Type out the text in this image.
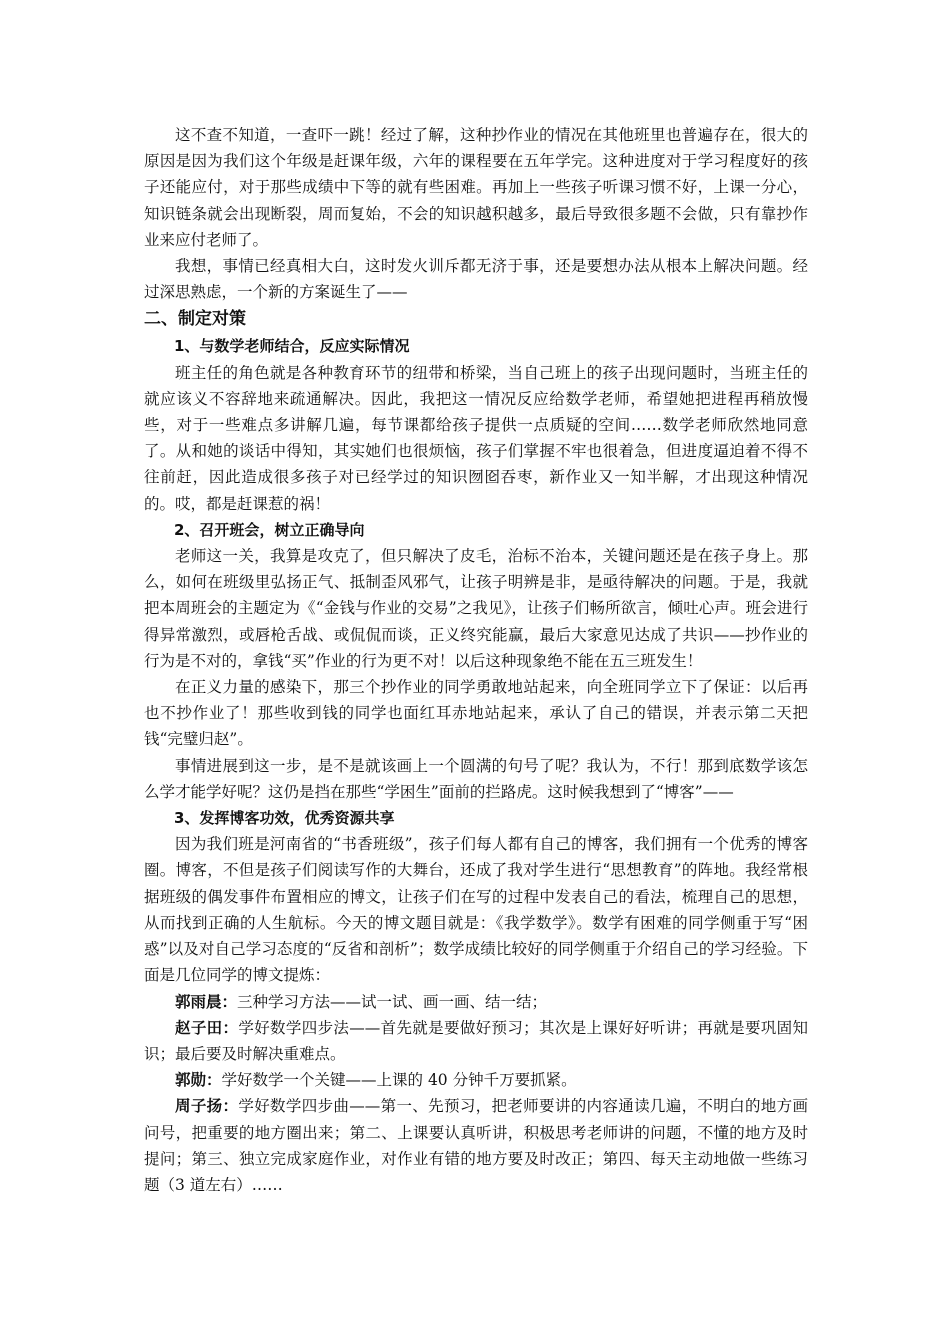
这不查不知道，一查吓一跳！经过了解，这种抄作业的情况在其他班里也普遍存在，很大的原因是因为我们这个年级是赶课年级，六年的课程要在五年学完。这种进度对于学习程度好的孩子还能应付，对于那些成绩中下等的就有些困难。再加上一些孩子听课习惯不好，上课一分心，知识链条就会出现断裂，周而复始，不会的知识越积越多，最后导致很多题不会做，只有靠抄作业来应付老师了。

我想，事情已经真相大白，这时发火训斥都无济于事，还是要想办法从根本上解决问题。经过深思熟虑，一个新的方案诞生了——

二、制定对策

1、与数学老师结合，反应实际情况

班主任的角色就是各种教育环节的纽带和桥梁，当自己班上的孩子出现问题时，当班主任的就应该义不容辞地来疏通解决。因此，我把这一情况反应给数学老师，希望她把进程再稍放慢些，对于一些难点多讲解几遍，每节课都给孩子提供一点质疑的空间……数学老师欣然地同意了。从和她的谈话中得知，其实她们也很烦恼，孩子们掌握不牢也很着急，但进度逼迫着不得不往前赶，因此造成很多孩子对已经学过的知识囫囵吞枣，新作业又一知半解，才出现这种情况的。哎，都是赶课惹的祸！

2、召开班会，树立正确导向

老师这一关，我算是攻克了，但只解决了皮毛，治标不治本，关键问题还是在孩子身上。那么，如何在班级里弘扬正气、抵制歪风邪气，让孩子明辨是非，是亟待解决的问题。于是，我就把本周班会的主题定为《“金钱与作业的交易”之我见》，让孩子们畅所欲言，倾吐心声。班会进行得异常激烈，或唇枪舌战、或侃侃而谈，正义终究能赢，最后大家意见达成了共识——抄作业的行为是不对的，拿钱“买”作业的行为更不对！以后这种现象绝不能在五三班发生！

在正义力量的感染下，那三个抄作业的同学勇敢地站起来，向全班同学立下了保证：以后再也不抄作业了！那些收到钱的同学也面红耳赤地站起来，承认了自己的错误，并表示第二天把钱“完璧归赵”。

事情进展到这一步，是不是就该画上一个圆满的句号了呢？我认为，不行！那到底数学该怎么学才能学好呢？这仍是挡在那些“学困生”面前的拦路虎。这时候我想到了“博客”——

3、发挥博客功效，优秀资源共享

因为我们班是河南省的“书香班级”，孩子们每人都有自己的博客，我们拥有一个优秀的博客圈。博客，不但是孩子们阅读写作的大舞台，还成了我对学生进行“思想教育”的阵地。我经常根据班级的偶发事件布置相应的博文，让孩子们在写的过程中发表自己的看法，梳理自己的思想，从而找到正确的人生航标。今天的博文题目就是：《我学数学》。数学有困难的同学侧重于写“困惑”以及对自己学习态度的“反省和剖析”；数学成绩比较好的同学侧重于介绍自己的学习经验。下面是几位同学的博文提炼：

郭雨晨：三种学习方法——试一试、画一画、结一结；

赵子田：学好数学四步法——首先就是要做好预习；其次是上课好好听讲；再就是要巩固知识；最后要及时解决重难点。

郭勋：学好数学一个关键——上课的 40 分钟千万要抓紧。

周子扬：学好数学四步曲——第一、先预习，把老师要讲的内容通读几遍，不明白的地方画问号，把重要的地方圈出来；第二、上课要认真听讲，积极思考老师讲的问题，不懂的地方及时提问；第三、独立完成家庭作业，对作业有错的地方要及时改正；第四、每天主动地做一些练习题（3 道左右）……
